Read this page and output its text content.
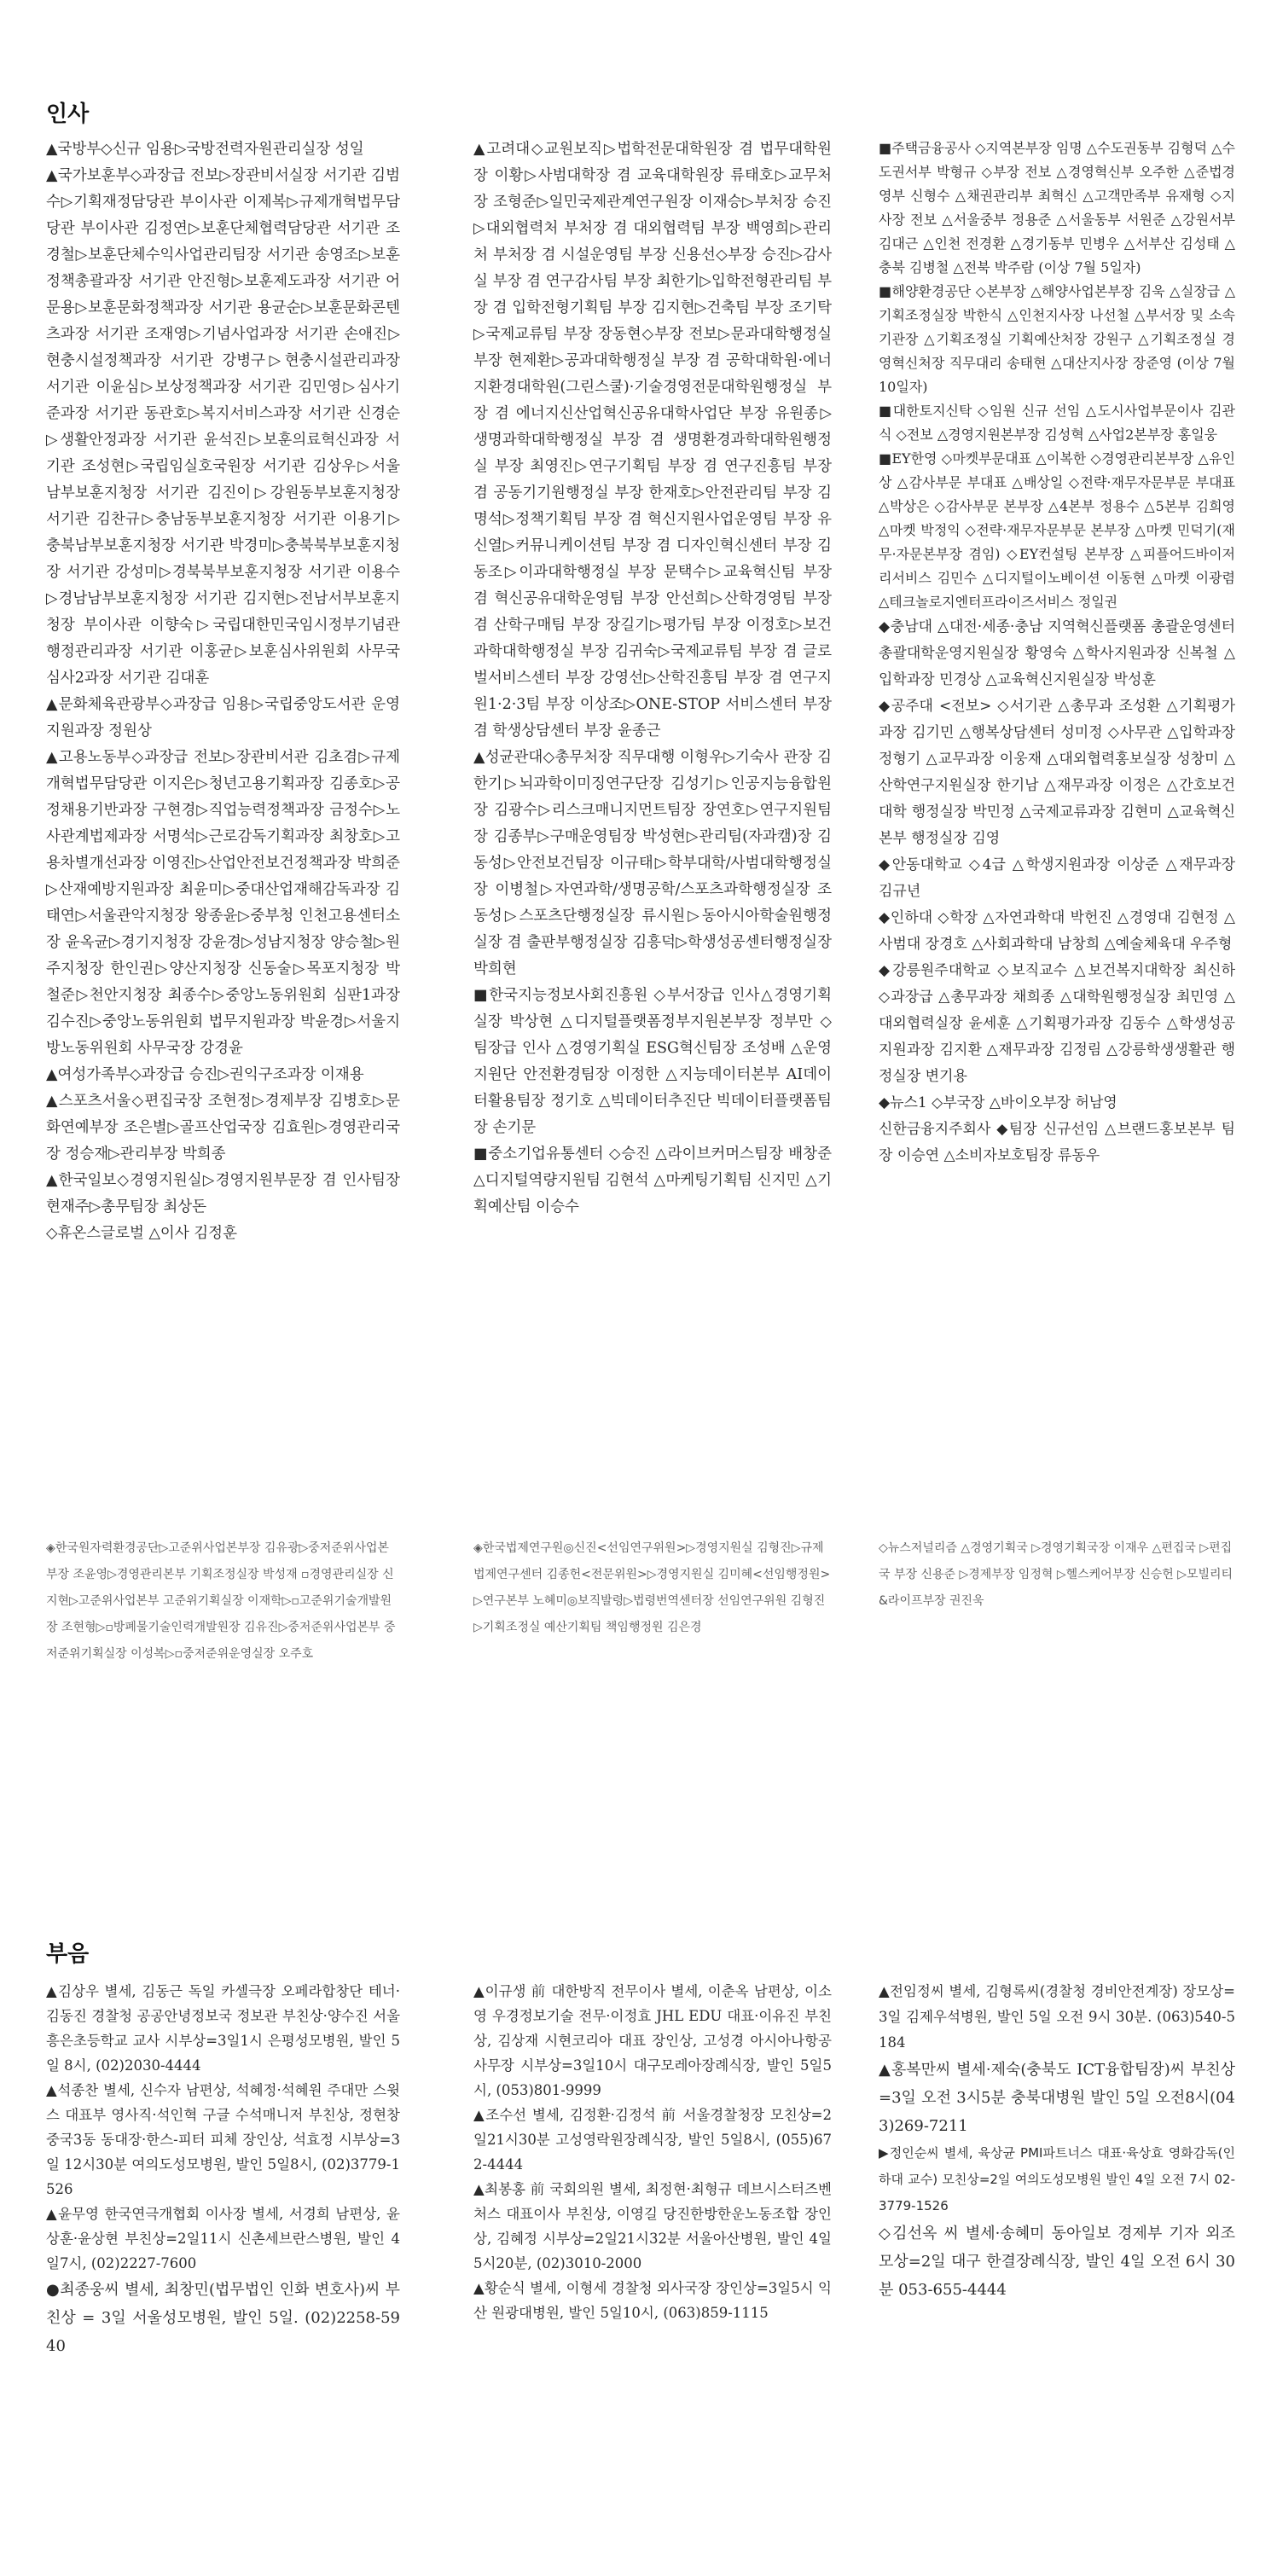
인사

▲국방부◇신규 임용▷국방전력자원관리실장 성일

▲국가보훈부◇과장급 전보▷장관비서실장 서기관 김범수▷기획재정담당관 부이사관 이제복▷규제개혁법무담당관 부이사관 김정연▷보훈단체협력담당관 서기관 조경철▷보훈단체수익사업관리팀장 서기관 송영조▷보훈정책총괄과장 서기관 안진형▷보훈제도과장 서기관 어문용▷보훈문화정책과장 서기관 용균순▷보훈문화콘텐츠과장 서기관 조재영▷기념사업과장 서기관 손애진▷현충시설정책과장 서기관 강병구▷현충시설관리과장 서기관 이윤심▷보상정책과장 서기관 김민영▷심사기준과장 서기관 동관호▷복지서비스과장 서기관 신경순▷생활안정과장 서기관 윤석진▷보훈의료혁신과장 서기관 조성현▷국립임실호국원장 서기관 김상우▷서울남부보훈지청장 서기관 김진이▷강원동부보훈지청장 서기관 김찬규▷충남동부보훈지청장 서기관 이용기▷충북남부보훈지청장 서기관 박경미▷충북북부보훈지청장 서기관 강성미▷경북북부보훈지청장 서기관 이용수▷경남남부보훈지청장 서기관 김지현▷전남서부보훈지청장 부이사관 이향숙▷국립대한민국임시정부기념관 행정관리과장 서기관 이홍균▷보훈심사위원회 사무국 심사2과장 서기관 김대훈

▲문화체육관광부◇과장급 임용▷국립중앙도서관 운영지원과장 정원상

▲고용노동부◇과장급 전보▷장관비서관 김초겸▷규제개혁법무담당관 이지은▷청년고용기획과장 김종호▷공정채용기반과장 구현경▷직업능력정책과장 금정수▷노사관계법제과장 서명석▷근로감독기획과장 최창호▷고용차별개선과장 이영진▷산업안전보건정책과장 박희준▷산재예방지원과장 최윤미▷중대산업재해감독과장 김태연▷서울관악지청장 왕종윤▷중부청 인천고용센터소장 윤옥균▷경기지청장 강윤경▷성남지청장 양승철▷원주지청장 한인권▷양산지청장 신동술▷목포지청장 박철준▷천안지청장 최종수▷중앙노동위원회 심판1과장 김수진▷중앙노동위원회 법무지원과장 박윤경▷서울지방노동위원회 사무국장 강경윤

▲여성가족부◇과장급 승진▷권익구조과장 이재용

▲스포츠서울◇편집국장 조현정▷경제부장 김병호▷문화연예부장 조은별▷골프산업국장 김효원▷경영관리국장 정승재▷관리부장 박희종

▲한국일보◇경영지원실▷경영지원부문장 겸 인사팀장 현재주▷총무팀장 최상돈

◇휴온스글로벌 △이사 김정훈

▲고려대◇교원보직▷법학전문대학원장 겸 법무대학원장 이황▷사범대학장 겸 교육대학원장 류태호▷교무처장 조형준▷일민국제관계연구원장 이재승▷부처장 승진▷대외협력처 부처장 겸 대외협력팀 부장 백영희▷관리처 부처장 겸 시설운영팀 부장 신용선◇부장 승진▷감사실 부장 겸 연구감사팀 부장 최한기▷입학전형관리팀 부장 겸 입학전형기획팀 부장 김지현▷건축팀 부장 조기탁▷국제교류팀 부장 장동현◇부장 전보▷문과대학행정실 부장 현제환▷공과대학행정실 부장 겸 공학대학원·에너지환경대학원(그린스쿨)·기술경영전문대학원행정실 부장 겸 에너지신산업혁신공유대학사업단 부장 유원종▷생명과학대학행정실 부장 겸 생명환경과학대학원행정실 부장 최영진▷연구기획팀 부장 겸 연구진흥팀 부장 겸 공동기기원행정실 부장 한재호▷안전관리팀 부장 김명석▷정책기획팀 부장 겸 혁신지원사업운영팀 부장 유신열▷커뮤니케이션팀 부장 겸 디자인혁신센터 부장 김동조▷이과대학행정실 부장 문택수▷교육혁신팀 부장 겸 혁신공유대학운영팀 부장 안선희▷산학경영팀 부장 겸 산학구매팀 부장 장길기▷평가팀 부장 이정호▷보건과학대학행정실 부장 김귀숙▷국제교류팀 부장 겸 글로벌서비스센터 부장 강영선▷산학진흥팀 부장 겸 연구지원1·2·3팀 부장 이상조▷ONE-STOP 서비스센터 부장 겸 학생상담센터 부장 윤종근

▲성균관대◇총무처장 직무대행 이형우▷기숙사 관장 김한기▷뇌과학이미징연구단장 김성기▷인공지능융합원장 김광수▷리스크매니지먼트팀장 장연호▷연구지원팀장 김종부▷구매운영팀장 박성현▷관리팀(자과캠)장 김동성▷안전보건팀장 이규태▷학부대학/사범대학행정실장 이병철▷자연과학/생명공학/스포츠과학행정실장 조동성▷스포츠단행정실장 류시원▷동아시아학술원행정실장 겸 출판부행정실장 김흥덕▷학생성공센터행정실장 박희현

■한국지능정보사회진흥원 ◇부서장급 인사△경영기획실장 박상현 △디지털플랫폼정부지원본부장 정부만 ◇팀장급 인사 △경영기획실 ESG혁신팀장 조성배 △운영지원단 안전환경팀장 이정한 △지능데이터본부 AI데이터활용팀장 정기호 △빅데이터추진단 빅데이터플랫폼팀장 손기문

■중소기업유통센터 ◇승진 △라이브커머스팀장 배창준 △디지털역량지원팀 김현석 △마케팅기획팀 신지민 △기획예산팀 이승수

■주택금융공사 ◇지역본부장 임명 △수도권동부 김형덕 △수도권서부 박형규 ◇부장 전보 △경영혁신부 오주한 △준법경영부 신형수 △채권관리부 최혁신 △고객만족부 유재형 ◇지사장 전보 △서울중부 정용준 △서울동부 서원준 △강원서부 김대근 △인천 전경환 △경기동부 민병우 △서부산 김성태 △충북 김병철 △전북 박주람 (이상 7월 5일자)

■해양환경공단 ◇본부장 △해양사업본부장 김욱 △실장급 △기획조정실장 박한식 △인천지사장 나선철 △부서장 및 소속기관장 △기획조정실 기획예산처장 강원구 △기획조정실 경영혁신처장 직무대리 송태현 △대산지사장 장준영 (이상 7월 10일자)

■대한토지신탁 ◇임원 신규 선임 △도시사업부문이사 김관식 ◇전보 △경영지원본부장 김성혁 △사업2본부장 홍일웅

■EY한영 ◇마켓부문대표 △이복한 ◇경영관리본부장 △유인상 △감사부문 부대표 △배상일 ◇전략·재무자문부문 부대표 △박상은 ◇감사부문 본부장 △4본부 정용수 △5본부 김희영 △마켓 박정익 ◇전략·재무자문부문 본부장 △마켓 민덕기(재무·자문본부장 겸임) ◇EY컨설팅 본부장 △피플어드바이저리서비스 김민수 △디지털이노베이션 이동현 △마켓 이광렴 △테크놀로지엔터프라이즈서비스 정일권

◆충남대 △대전·세종·충남 지역혁신플랫폼 총괄운영센터 총괄대학운영지원실장 황영숙 △학사지원과장 신복철 △입학과장 민경상 △교육혁신지원실장 박성훈

◆공주대 <전보> ◇서기관 △총무과 조성환 △기획평가과장 김기민 △행복상담센터 성미정 ◇사무관 △입학과장 정형기 △교무과장 이웅재 △대외협력홍보실장 성창미 △산학연구지원실장 한기남 △재무과장 이정은 △간호보건대학 행정실장 박민정 △국제교류과장 김현미 △교육혁신본부 행정실장 김영

◆안동대학교 ◇4급 △학생지원과장 이상준 △재무과장 김규년

◆인하대 ◇학장 △자연과학대 박헌진 △경영대 김현정 △사범대 장경호 △사회과학대 남창희 △예술체육대 우주형

◆강릉원주대학교 ◇보직교수 △보건복지대학장 최신하 ◇과장급 △총무과장 채희종 △대학원행정실장 최민영 △대외협력실장 윤세훈 △기획평가과장 김동수 △학생성공지원과장 김지환 △재무과장 김정림 △강릉학생생활관 행정실장 변기용

◆뉴스1 ◇부국장 △바이오부장 허남영

신한금융지주회사 ◆팀장 신규선임 △브랜드홍보본부 팀장 이승연 △소비자보호팀장 류동우

◈한국원자력환경공단▷고준위사업본부장 김유광▷중저준위사업본부장 조윤영▷경영관리본부 기획조정실장 박성재 ▫경영관리실장 신지현▷고준위사업본부 고준위기획실장 이재학▷▫고준위기술개발원장 조현형▷▫방폐물기술인력개발원장 김유진▷중저준위사업본부 중저준위기획실장 이성복▷▫중저준위운영실장 오주호

◈한국법제연구원◎신진<선임연구위원>▷경영지원실 김형진▷규제법제연구센터 김종헌<전문위원>▷경영지원실 김미혜<선임행정원>▷연구본부 노혜미◎보직발령▷법령번역센터장 선임연구위원 김형진▷기획조정실 예산기획팀 책임행정원 김은경

◇뉴스저널리즘 △경영기획국 ▷경영기획국장 이재우 △편집국 ▷편집국 부장 신용준 ▷경제부장 임정혁 ▷헬스케어부장 신승헌 ▷모빌리티&라이프부장 권진욱

부음

▲김상우 별세, 김동근 독일 카셀극장 오페라합창단 테너·김동진 경찰청 공공안녕정보국 정보관 부친상·양수진 서울 흥은초등학교 교사 시부상=3일1시 은평성모병원, 발인 5일 8시, (02)2030-4444

▲석종찬 별세, 신수자 남편상, 석혜정·석혜원 주대만 스윗스 대표부 영사직·석인혁 구글 수석매니저 부친상, 정현창 중국3동 동대장·한스-피터 피체 장인상, 석효정 시부상=3일 12시30분 여의도성모병원, 발인 5일8시, (02)3779-1526

▲윤무영 한국연극개협회 이사장 별세, 서경희 남편상, 윤상훈·윤상현 부친상=2일11시 신촌세브란스병원, 발인 4일7시, (02)2227-7600

●최종웅씨 별세, 최창민(법무법인 인화 변호사)씨 부친상 = 3일 서울성모병원, 발인 5일. (02)2258-5940

▲이규생 前 대한방직 전무이사 별세, 이춘옥 남편상, 이소영 우경정보기술 전무·이정효 JHL EDU 대표·이유진 부친상, 김상재 시현코리아 대표 장인상, 고성경 아시아나항공 사무장 시부상=3일10시 대구모레아장례식장, 발인 5일5시, (053)801-9999

▲조수선 별세, 김정환·김정석 前 서울경찰청장 모친상=2일21시30분 고성영락원장례식장, 발인 5일8시, (055)672-4444

▲최봉홍 前 국회의원 별세, 최정현·최형규 데브시스터즈벤처스 대표이사 부친상, 이영길 당진한방한운노동조합 장인상, 김혜정 시부상=2일21시32분 서울아산병원, 발인 4일5시20분, (02)3010-2000

▲황순식 별세, 이형세 경찰청 외사국장 장인상=3일5시 익산 원광대병원, 발인 5일10시, (063)859-1115

▲전임정씨 별세, 김형록씨(경찰청 경비안전계장) 장모상=3일 김제우석병원, 발인 5일 오전 9시 30분. (063)540-5184

▲홍복만씨 별세·제숙(충북도 ICT융합팀장)씨 부친상=3일 오전 3시5분 충북대병원 발인 5일 오전8시(043)269-7211

▶정인순씨 별세, 육상균 PMI파트너스 대표·육상효 영화감독(인하대 교수) 모친상=2일 여의도성모병원 발인 4일 오전 7시 02-3779-1526

◇김선옥 씨 별세·송혜미 동아일보 경제부 기자 외조모상=2일 대구 한결장례식장, 발인 4일 오전 6시 30분 053-655-4444
